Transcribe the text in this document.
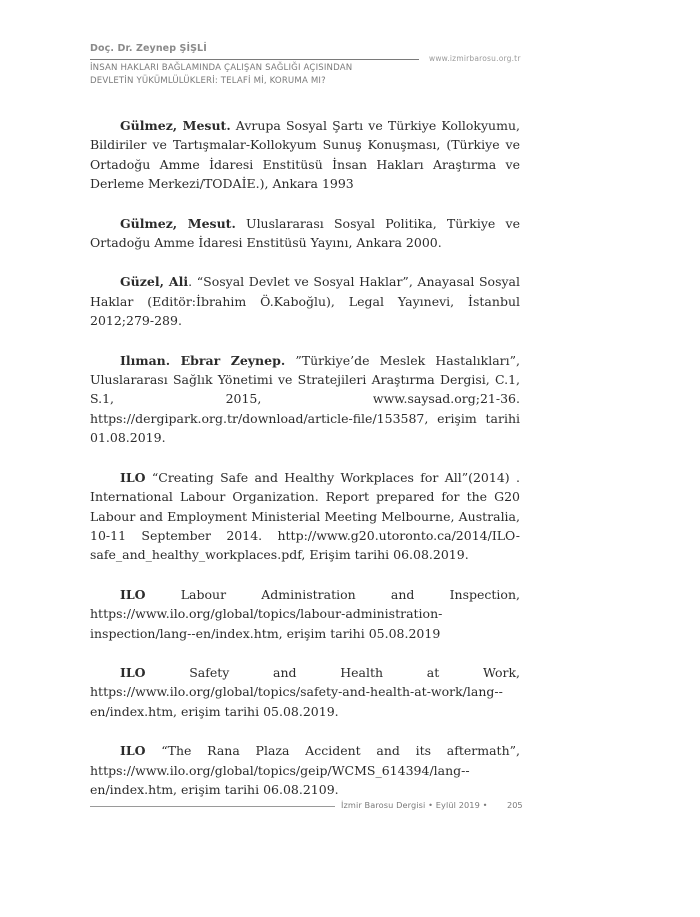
Doç. Dr. Zeynep ŞİŞLİ
www.izmirbarosu.org.tr
İNSAN HAKLARI BAĞLAMINDA ÇALIŞAN SAĞLIĞI AÇISINDAN
DEVLETİN YÜKÜMLÜLÜKLERİ: TELAFİ Mİ, KORUMA MI?

Gülmez, Mesut. Avrupa Sosyal Şartı ve Türkiye Kollokyumu, Bildiriler ve Tartışmalar-Kollokyum Sunuş Konuşması, (Türkiye ve Ortadoğu Amme İdaresi Enstitüsü İnsan Hakları Araştırma ve Derleme Merkezi/TODAİE.), Ankara 1993

Gülmez, Mesut. Uluslararası Sosyal Politika, Türkiye ve Ortadoğu Amme İdaresi Enstitüsü Yayını, Ankara 2000.

Güzel, Ali. “Sosyal Devlet ve Sosyal Haklar”, Anayasal Sosyal Haklar (Editör:İbrahim Ö.Kaboğlu), Legal Yayınevi, İstanbul 2012;279-289.

Ilıman. Ebrar Zeynep. ”Türkiye’de Meslek Hastalıkları”, Uluslararası Sağlık Yönetimi ve Stratejileri Araştırma Dergisi, C.1, S.1, 2015, www.saysad.org;21-36. https://dergipark.org.tr/download/article-file/153587, erişim tarihi 01.08.2019.

ILO “Creating Safe and Healthy Workplaces for All”(2014) . International Labour Organization. Report prepared for the G20 Labour and Employment Ministerial Meeting Melbourne, Australia, 10-11 September 2014. http://www.g20.utoronto.ca/2014/ILO-safe_and_healthy_workplaces.pdf, Erişim tarihi 06.08.2019.

ILO Labour Administration and Inspection, https://www.ilo.org/global/topics/labour-administration-inspection/lang--en/index.htm, erişim tarihi 05.08.2019

ILO Safety and Health at Work, https://www.ilo.org/global/topics/safety-and-health-at-work/lang--en/index.htm, erişim tarihi 05.08.2019.

ILO “The Rana Plaza Accident and its aftermath”, https://www.ilo.org/global/topics/geip/WCMS_614394/lang--en/index.htm, erişim tarihi 06.08.2109.

İzmir Barosu Dergisi • Eylül 2019 • 205
